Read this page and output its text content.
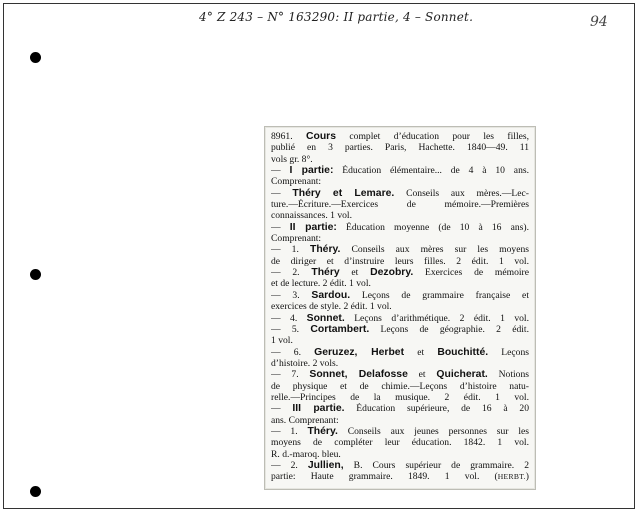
4° Z 243 – N° 163290: II partie, 4 – Sonnet.	94
8961. Cours complet d’éducation pour les filles,
publié en 3 parties. Paris, Hachette. 1840—49. 11
vols gr. 8°.
— I partie: Éducation élémentaire... de 4 à 10 ans.
Comprenant:
— Théry et Lemare. Conseils aux mères.—Lec-
ture.—Écriture.—Exercices de mémoire.—Premières
connaissances. 1 vol.
— II partie: Éducation moyenne (de 10 à 16 ans).
Comprenant:
— 1. Théry. Conseils aux mères sur les moyens
de diriger et d’instruire leurs filles. 2 édit. 1 vol.
— 2. Théry et Dezobry. Exercices de mémoire
et de lecture. 2 édit. 1 vol.
— 3. Sardou. Leçons de grammaire française et
exercices de style. 2 édit. 1 vol.
— 4. Sonnet. Leçons d’arithmétique. 2 édit. 1 vol.
— 5. Cortambert. Leçons de géographie. 2 édit.
1 vol.
— 6. Geruzez, Herbet et Bouchitté. Leçons
d’histoire. 2 vols.
— 7. Sonnet, Delafosse et Quicherat. Notions
de physique et de chimie.—Leçons d’histoire natu-
relle.—Principes de la musique. 2 édit. 1 vol.
— III partie. Éducation supérieure, de 16 à 20
ans. Comprenant:
— 1. Théry. Conseils aux jeunes personnes sur les
moyens de compléter leur éducation. 1842. 1 vol.
R. d.-maroq. bleu.
— 2. Jullien, B. Cours supérieur de grammaire. 2
partie: Haute grammaire. 1849. 1 vol. (HERBT.)
